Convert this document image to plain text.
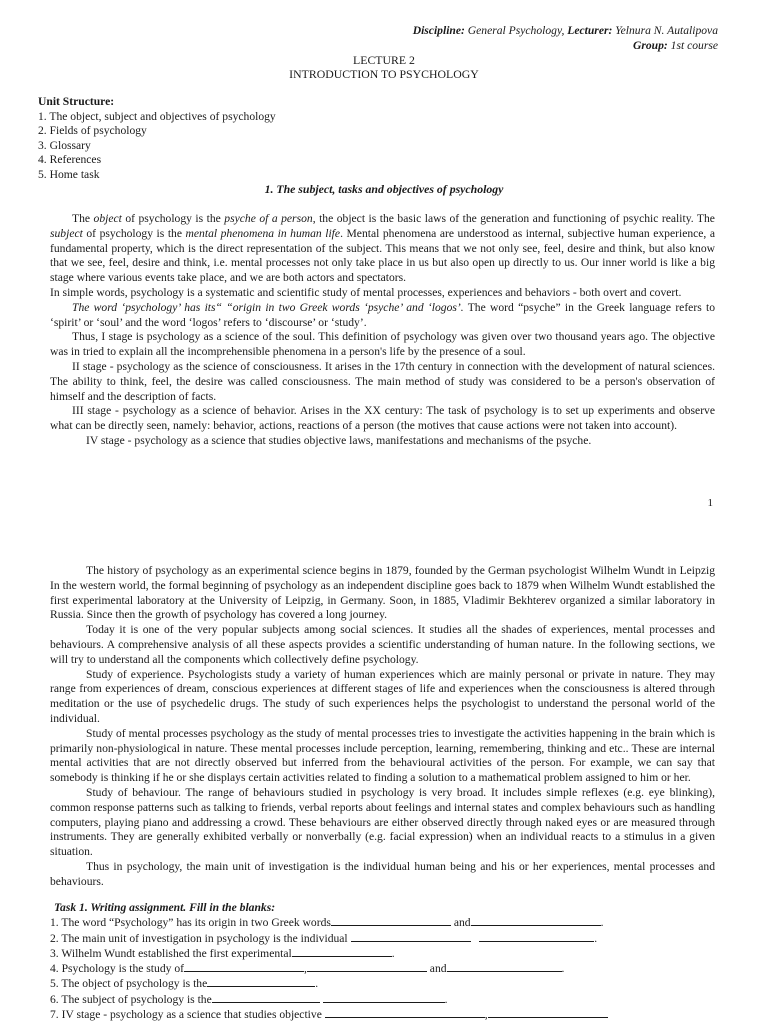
Discipline: General Psychology, Lecturer: Yelnura N. Autalipova
Group: 1st course
LECTURE 2
INTRODUCTION TO PSYCHOLOGY
Unit Structure:
1. The object, subject and objectives of psychology
2. Fields of psychology
3. Glossary
4. References
5. Home task
1. The subject, tasks and objectives of psychology

The object of psychology is the psyche of a person, the object is the basic laws of the generation and functioning of psychic reality. The subject of psychology is the mental phenomena in human life. Mental phenomena are understood as internal, subjective human experience, a fundamental property, which is the direct representation of the subject. This means that we not only see, feel, desire and think, but also know that we see, feel, desire and think, i.e. mental processes not only take place in us but also open up directly to us. Our inner world is like a big stage where various events take place, and we are both actors and spectators.

In simple words, psychology is a systematic and scientific study of mental processes, experiences and behaviors - both overt and covert.

The word ‘psychology’ has its“ “origin in two Greek words ‘psyche’ and ‘logos’. The word “psyche” in the Greek language refers to ‘spirit’ or ‘soul’ and the word ‘logos’ refers to ‘discourse’ or ‘study’.

Thus, I stage is psychology as a science of the soul. This definition of psychology was given over two thousand years ago. The objective was in tried to explain all the incomprehensible phenomena in a person's life by the presence of a soul.

II stage - psychology as the science of consciousness. It arises in the 17th century in connection with the development of natural sciences. The ability to think, feel, the desire was called consciousness. The main method of study was considered to be a person's observation of himself and the description of facts.

III stage - psychology as a science of behavior. Arises in the XX century: The task of psychology is to set up experiments and observe what can be directly seen, namely: behavior, actions, reactions of a person (the motives that cause actions were not taken into account).

IV stage - psychology as a science that studies objective laws, manifestations and mechanisms of the psyche.

1

The history of psychology as an experimental science begins in 1879, founded by the German psychologist Wilhelm Wundt in Leipzig In the western world, the formal beginning of psychology as an independent discipline goes back to 1879 when Wilhelm Wundt established the first experimental laboratory at the University of Leipzig, in Germany. Soon, in 1885, Vladimir Bekhterev organized a similar laboratory in Russia. Since then the growth of psychology has covered a long journey.

Today it is one of the very popular subjects among social sciences. It studies all the shades of experiences, mental processes and behaviours. A comprehensive analysis of all these aspects provides a scientific understanding of human nature. In the following sections, we will try to understand all the components which collectively define psychology.

Study of experience. Psychologists study a variety of human experiences which are mainly personal or private in nature. They may range from experiences of dream, conscious experiences at different stages of life and experiences when the consciousness is altered through meditation or the use of psychedelic drugs. The study of such experiences helps the psychologist to understand the personal world of the individual.

Study of mental processes psychology as the study of mental processes tries to investigate the activities happening in the brain which is primarily non-physiological in nature. These mental processes include perception, learning, remembering, thinking and etc.. These are internal mental activities that are not directly observed but inferred from the behavioural activities of the person. For example, we can say that somebody is thinking if he or she displays certain activities related to finding a solution to a mathematical problem assigned to him or her.

Study of behaviour. The range of behaviours studied in psychology is very broad. It includes simple reflexes (e.g. eye blinking), common response patterns such as talking to friends, verbal reports about feelings and internal states and complex behaviours such as handling computers, playing piano and addressing a crowd. These behaviours are either observed directly through naked eyes or are measured through instruments. They are generally exhibited verbally or nonverbally (e.g. facial expression) when an individual reacts to a stimulus in a given situation.

Thus in psychology, the main unit of investigation is the individual human being and his or her experiences, mental processes and behaviours.

Task 1. Writing assignment. Fill in the blanks:
1. The word “Psychology” has its origin in two Greek words	and	.
2. The main unit of investigation in psychology is the individual	.
3. Wilhelm Wundt established the first experimental	.
4. Psychology is the study of	,	and	.
5. The object of psychology is the	.
6. The subject of psychology is the	.
7. IV stage - psychology as a science that studies objective	,
